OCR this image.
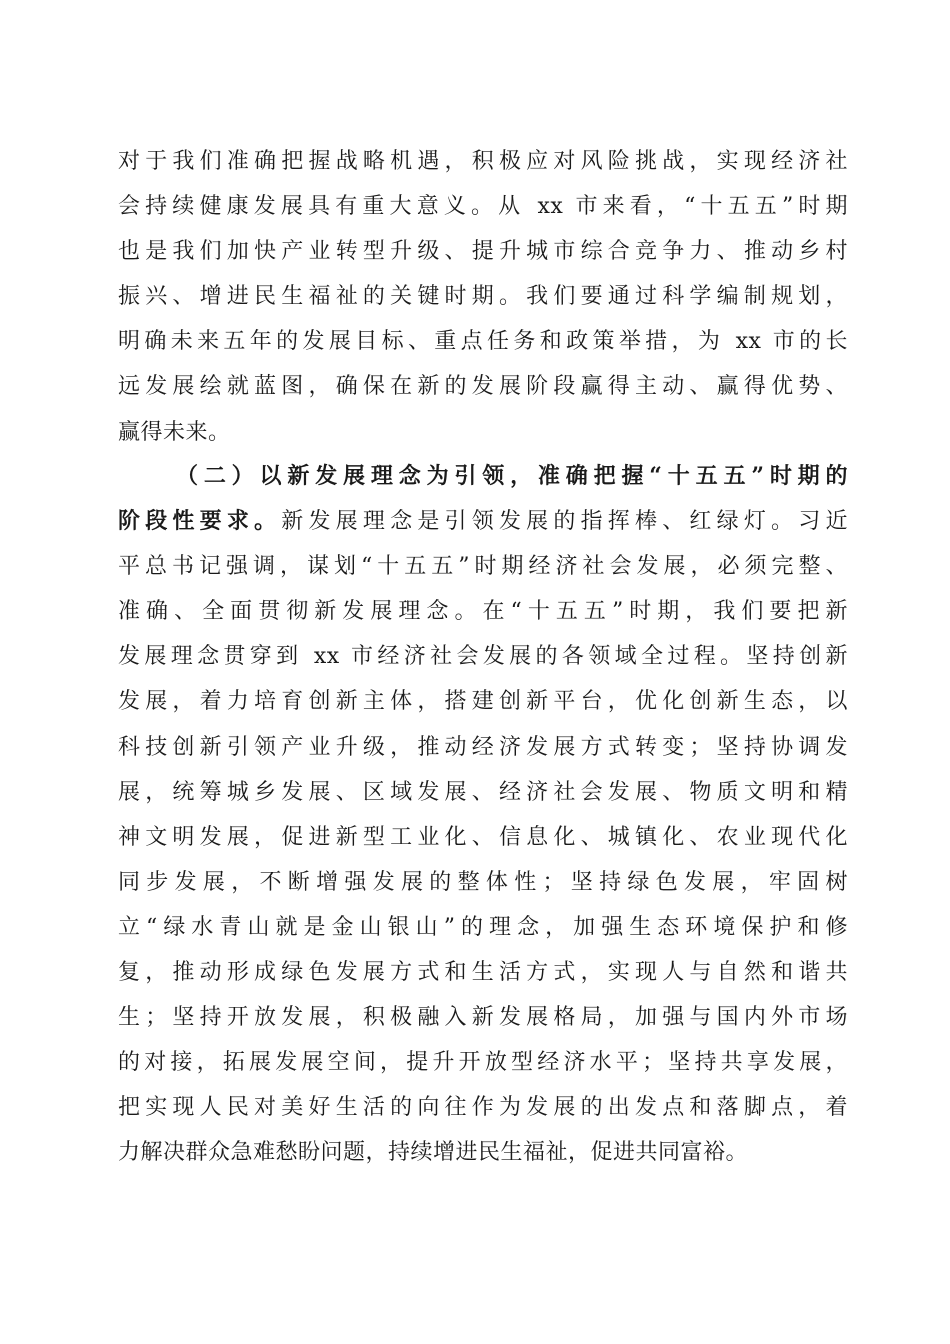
对于我们准确把握战略机遇，积极应对风险挑战，实现经济社
会持续健康发展具有重大意义。从 xx 市来看，“十五五”时期
也是我们加快产业转型升级、提升城市综合竞争力、推动乡村
振兴、增进民生福祉的关键时期。我们要通过科学编制规划，
明确未来五年的发展目标、重点任务和政策举措，为 xx 市的长
远发展绘就蓝图，确保在新的发展阶段赢得主动、赢得优势、
赢得未来。
（二）以新发展理念为引领，准确把握“十五五”时期的
阶段性要求。新发展理念是引领发展的指挥棒、红绿灯。习近
平总书记强调，谋划“十五五”时期经济社会发展，必须完整、
准确、全面贯彻新发展理念。在“十五五”时期，我们要把新
发展理念贯穿到 xx 市经济社会发展的各领域全过程。坚持创新
发展，着力培育创新主体，搭建创新平台，优化创新生态，以
科技创新引领产业升级，推动经济发展方式转变；坚持协调发
展，统筹城乡发展、区域发展、经济社会发展、物质文明和精
神文明发展，促进新型工业化、信息化、城镇化、农业现代化
同步发展，不断增强发展的整体性；坚持绿色发展，牢固树
立“绿水青山就是金山银山”的理念，加强生态环境保护和修
复，推动形成绿色发展方式和生活方式，实现人与自然和谐共
生；坚持开放发展，积极融入新发展格局，加强与国内外市场
的对接，拓展发展空间，提升开放型经济水平；坚持共享发展，
把实现人民对美好生活的向往作为发展的出发点和落脚点，着
力解决群众急难愁盼问题，持续增进民生福祉，促进共同富裕。
